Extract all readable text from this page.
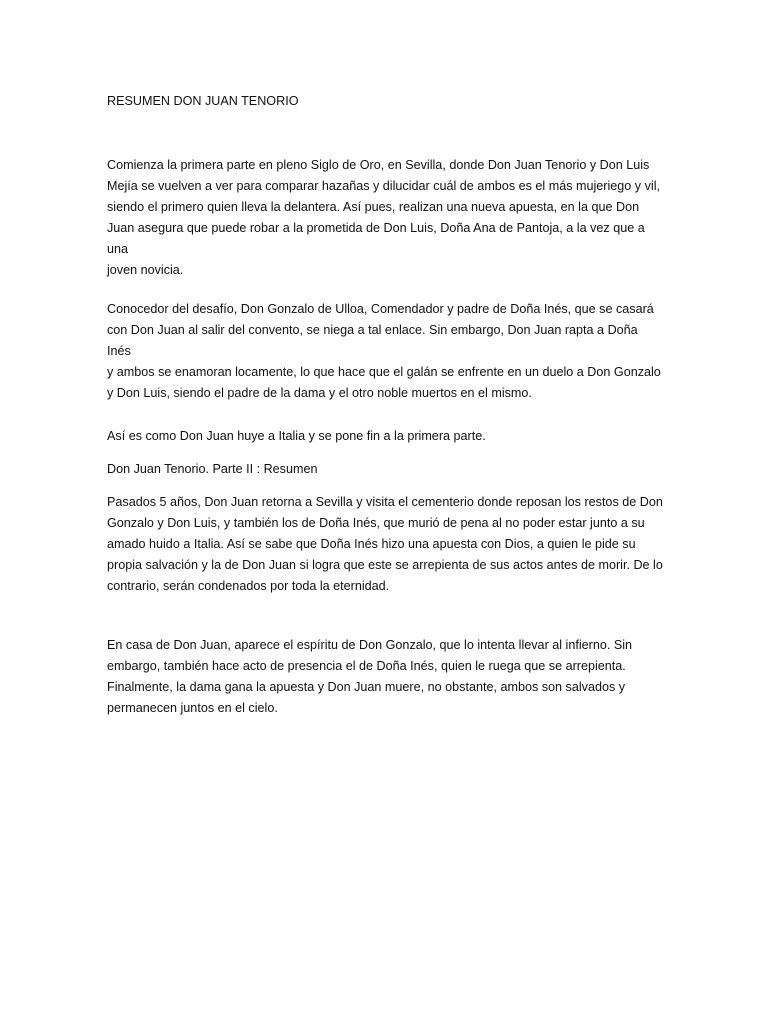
RESUMEN DON JUAN TENORIO

Comienza la primera parte en pleno Siglo de Oro, en Sevilla, donde Don Juan Tenorio y Don Luis
Mejía se vuelven a ver para comparar hazañas y dilucidar cuál de ambos es el más mujeriego y vil,
siendo el primero quien lleva la delantera. Así pues, realizan una nueva apuesta, en la que Don
Juan asegura que puede robar a la prometida de Don Luis, Doña Ana de Pantoja, a la vez que a una
joven novicia.

Conocedor del desafío, Don Gonzalo de Ulloa, Comendador y padre de Doña Inés, que se casará
con Don Juan al salir del convento, se niega a tal enlace. Sin embargo, Don Juan rapta a Doña Inés
y ambos se enamoran locamente, lo que hace que el galán se enfrente en un duelo a Don Gonzalo
y Don Luis, siendo el padre de la dama y el otro noble muertos en el mismo.

Así es como Don Juan huye a Italia y se pone fin a la primera parte.

Don Juan Tenorio. Parte II : Resumen

Pasados 5 años, Don Juan retorna a Sevilla y visita el cementerio donde reposan los restos de Don
Gonzalo y Don Luis, y también los de Doña Inés, que murió de pena al no poder estar junto a su
amado huido a Italia. Así se sabe que Doña Inés hizo una apuesta con Dios, a quien le pide su
propia salvación y la de Don Juan si logra que este se arrepienta de sus actos antes de morir. De lo
contrario, serán condenados por toda la eternidad.

En casa de Don Juan, aparece el espíritu de Don Gonzalo, que lo intenta llevar al infierno. Sin
embargo, también hace acto de presencia el de Doña Inés, quien le ruega que se arrepienta.
Finalmente, la dama gana la apuesta y Don Juan muere, no obstante, ambos son salvados y
permanecen juntos en el cielo.
